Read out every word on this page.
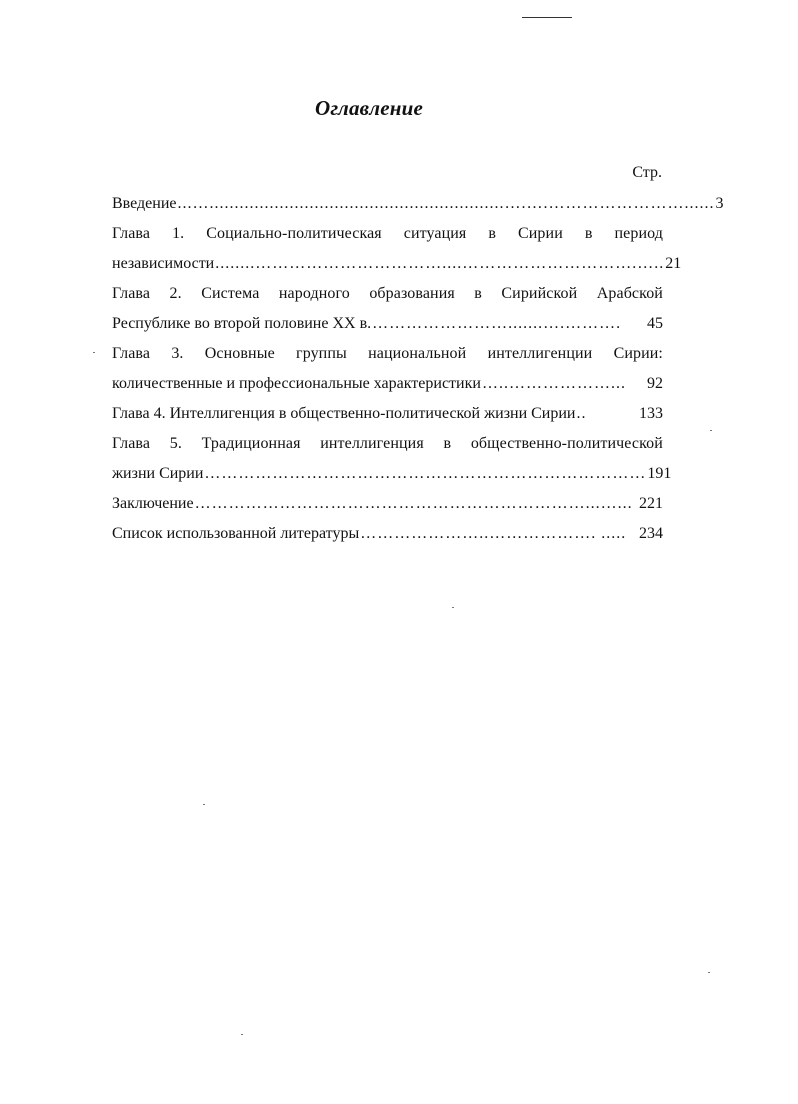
Оглавление
Стр.
Введение ...…...........................................................….….……………………...... 3
Глава 1. Социально-политическая ситуация в Сирии в период
независимости ........……………………………....………………………….….. 21
Глава 2. Система народного образования в Сирийской Арабской
Республике во второй половине XX в. …………………….......….……….	45
Глава 3. Основные группы национальной интеллигенции Сирии:
количественные и профессиональные характеристики …..………………...	92
Глава 4. Интеллигенция в общественно-политической жизни Сирии ..	133
Глава 5. Традиционная интеллигенция в общественно-политической
жизни Сирии …………………………………………………………………… 191
Заключение ……………………………………………………………...…... 221
Список использованной литературы …………………..………………. ..... 234
